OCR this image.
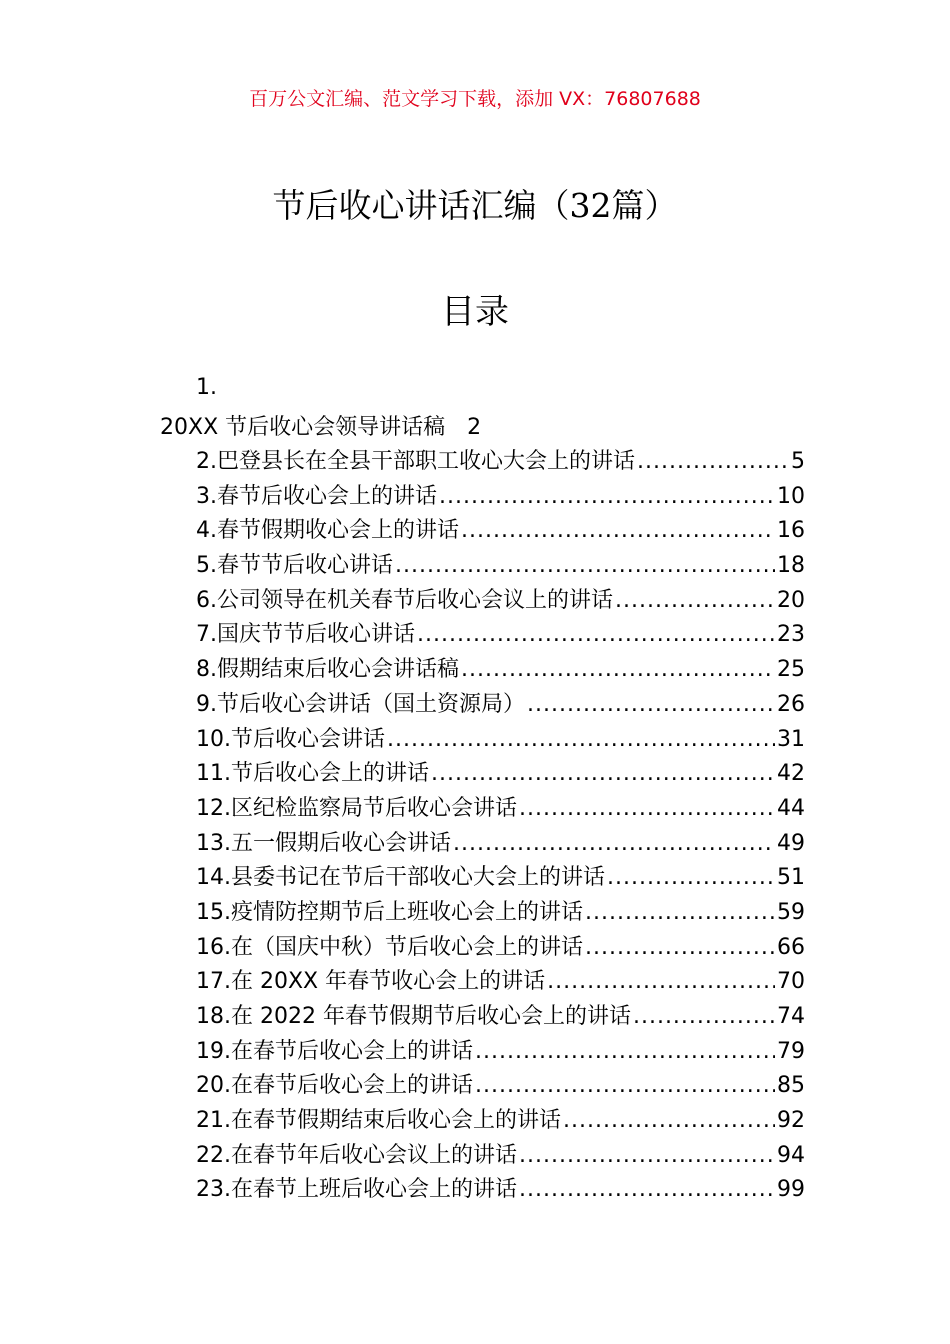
百万公文汇编、范文学习下载，添加 VX：76807688
节后收心讲话汇编（32篇）
目录
1.
20XX 节后收心会领导讲话稿 2
2.巴登县长在全县干部职工收心大会上的讲话 .....	5
3.春节后收心会上的讲话 .....	10
4.春节假期收心会上的讲话 .....	16
5.春节节后收心讲话 .....	18
6.公司领导在机关春节后收心会议上的讲话 .....	20
7.国庆节节后收心讲话 .....	23
8.假期结束后收心会讲话稿 .....	25
9.节后收心会讲话（国土资源局） .....	26
10.节后收心会讲话 .....	31
11.节后收心会上的讲话 .....	42
12.区纪检监察局节后收心会讲话 .....	44
13.五一假期后收心会讲话 .....	49
14.县委书记在节后干部收心大会上的讲话 .....	51
15.疫情防控期节后上班收心会上的讲话 .....	59
16.在（国庆中秋）节后收心会上的讲话 .....	66
17.在 20XX 年春节收心会上的讲话 .....	70
18.在 2022 年春节假期节后收心会上的讲话 .....	74
19.在春节后收心会上的讲话 .....	79
20.在春节后收心会上的讲话 .....	85
21.在春节假期结束后收心会上的讲话 .....	92
22.在春节年后收心会议上的讲话 .....	94
23.在春节上班后收心会上的讲话 .....	99
